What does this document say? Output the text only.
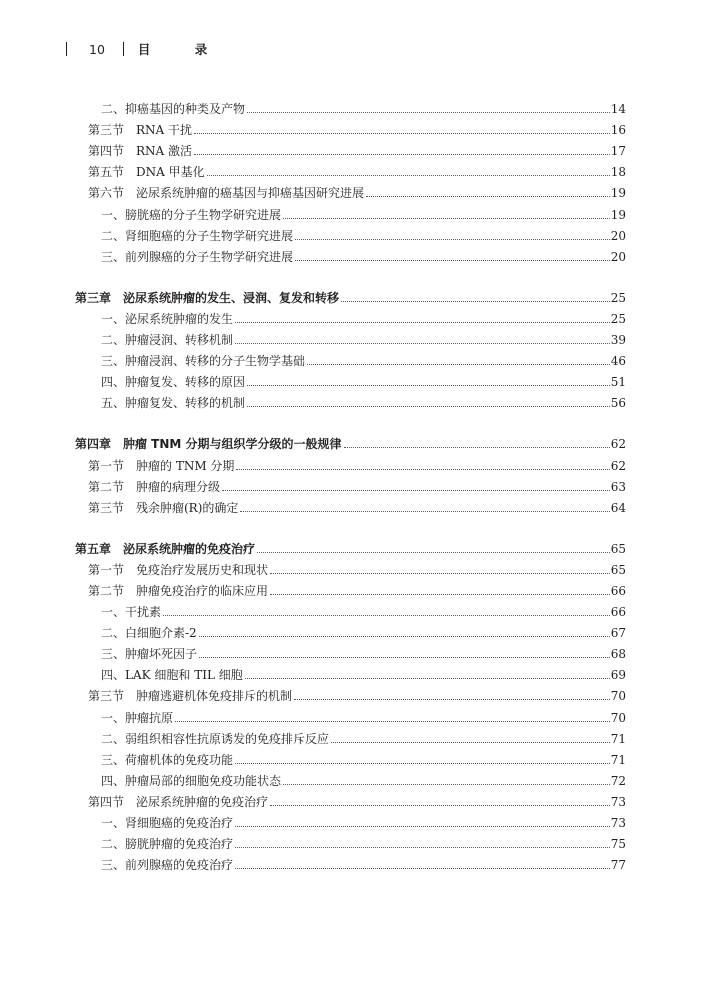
10	目 录
二、抑癌基因的种类及产物	14
第三节　RNA 干扰	16
第四节　RNA 激活	17
第五节　DNA 甲基化	18
第六节　泌尿系统肿瘤的癌基因与抑癌基因研究进展	19
一、膀胱癌的分子生物学研究进展	19
二、肾细胞癌的分子生物学研究进展	20
三、前列腺癌的分子生物学研究进展	20
第三章　泌尿系统肿瘤的发生、浸润、复发和转移	25
一、泌尿系统肿瘤的发生	25
二、肿瘤浸润、转移机制	39
三、肿瘤浸润、转移的分子生物学基础	46
四、肿瘤复发、转移的原因	51
五、肿瘤复发、转移的机制	56
第四章　肿瘤 TNM 分期与组织学分级的一般规律	62
第一节　肿瘤的 TNM 分期	62
第二节　肿瘤的病理分级	63
第三节　残余肿瘤(R)的确定	64
第五章　泌尿系统肿瘤的免疫治疗	65
第一节　免疫治疗发展历史和现状	65
第二节　肿瘤免疫治疗的临床应用	66
一、干扰素	66
二、白细胞介素-2	67
三、肿瘤坏死因子	68
四、LAK 细胞和 TIL 细胞	69
第三节　肿瘤逃避机体免疫排斥的机制	70
一、肿瘤抗原	70
二、弱组织相容性抗原诱发的免疫排斥反应	71
三、荷瘤机体的免疫功能	71
四、肿瘤局部的细胞免疫功能状态	72
第四节　泌尿系统肿瘤的免疫治疗	73
一、肾细胞癌的免疫治疗	73
二、膀胱肿瘤的免疫治疗	75
三、前列腺癌的免疫治疗	77
